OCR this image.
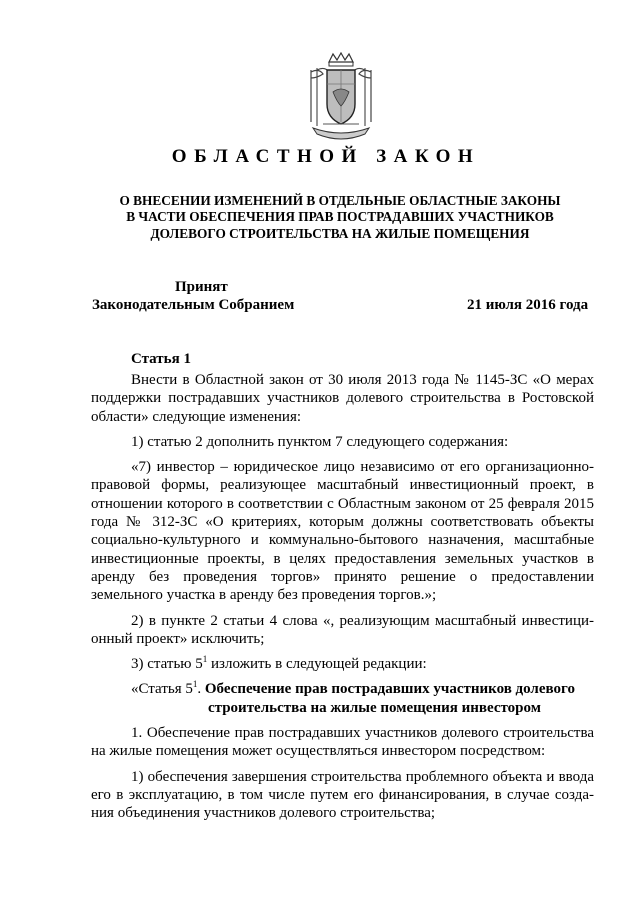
ОБЛАСТНОЙ ЗАКОН
О ВНЕСЕНИИ ИЗМЕНЕНИЙ В ОТДЕЛЬНЫЕ ОБЛАСТНЫЕ ЗАКОНЫ
В ЧАСТИ ОБЕСПЕЧЕНИЯ ПРАВ ПОСТРАДАВШИХ УЧАСТНИКОВ
ДОЛЕВОГО СТРОИТЕЛЬСТВА НА ЖИЛЫЕ ПОМЕЩЕНИЯ
Принят
Законодательным Собранием	21 июля 2016 года
Статья 1

Внести в Областной закон от 30 июля 2013 года № 1145-ЗС «О мерах поддержки пострадавших участников долевого строительства в Ростовской области» следующие изменения:

1) статью 2 дополнить пунктом 7 следующего содержания:

«7) инвестор – юридическое лицо независимо от его организационно-правовой формы, реализующее масштабный инвестиционный проект, в отношении которого в соответствии с Областным законом от 25 февраля 2015 года № 312-ЗС «О критериях, которым должны соответствовать объекты социально-культурного и коммунально-бытового назначения, масштабные инвестиционные проекты, в целях предоставления земельных участков в аренду без проведения торгов» принято решение о предоставлении земельного участка в аренду без проведения торгов.»;

2) в пункте 2 статьи 4 слова «, реализующим масштабный инвестици-онный проект» исключить;

3) статью $5^1$ изложить в следующей редакции:

«Статья $5^1$. Обеспечение прав пострадавших участников долевого
строительства на жилые помещения инвестором

1. Обеспечение прав пострадавших участников долевого строительства на жилые помещения может осуществляться инвестором посредством:

1) обеспечения завершения строительства проблемного объекта и ввода его в эксплуатацию, в том числе путем его финансирования, в случае созда-ния объединения участников долевого строительства;
